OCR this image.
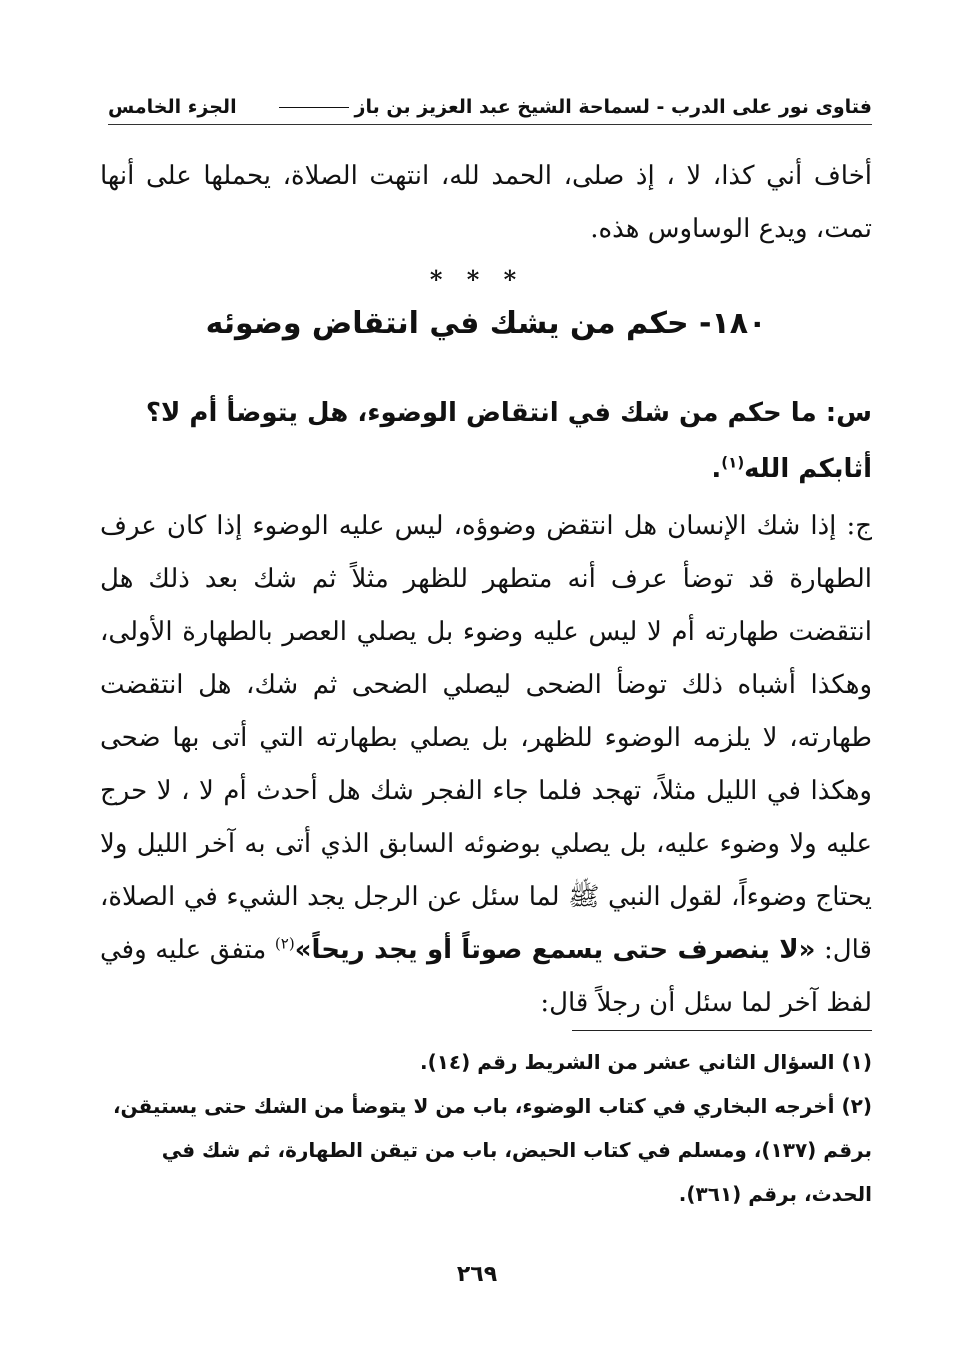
فتاوى نور على الدرب - لسماحة الشيخ عبد العزيز بن باز
الجزء الخامس

أخاف أني كذا، لا ، إذ صلى، الحمد لله، انتهت الصلاة، يحملها على أنها تمت، ويدع الوساوس هذه.

* * *
١٨٠- حكم من يشك في انتقاض وضوئه

س: ما حكم من شك في انتقاض الوضوء، هل يتوضأ أم لا؟ أثابكم الله$^{(١)}$.

ج: إذا شك الإنسان هل انتقض وضوؤه، ليس عليه الوضوء إذا كان عرف الطهارة قد توضأ عرف أنه متطهر للظهر مثلاً ثم شك بعد ذلك هل انتقضت طهارته أم لا ليس عليه وضوء بل يصلي العصر بالطهارة الأولى، وهكذا أشباه ذلك توضأ الضحى ليصلي الضحى ثم شك، هل انتقضت طهارته، لا يلزمه الوضوء للظهر، بل يصلي بطهارته التي أتى بها ضحى وهكذا في الليل مثلاً، تهجد فلما جاء الفجر شك هل أحدث أم لا ، لا حرج عليه ولا وضوء عليه، بل يصلي بوضوئه السابق الذي أتى به آخر الليل ولا يحتاج وضوءاً، لقول النبي ﷺ لما سئل عن الرجل يجد الشيء في الصلاة، قال: «لا ينصرف حتى يسمع صوتاً أو يجد ريحاً»$^{(٢)}$ متفق عليه وفي لفظ آخر لما سئل أن رجلاً قال:

(١) السؤال الثاني عشر من الشريط رقم (١٤).

(٢) أخرجه البخاري في كتاب الوضوء، باب من لا يتوضأ من الشك حتى يستيقن، برقم (١٣٧)، ومسلم في كتاب الحيض، باب من تيقن الطهارة، ثم شك في الحدث، برقم (٣٦١).

٢٦٩
